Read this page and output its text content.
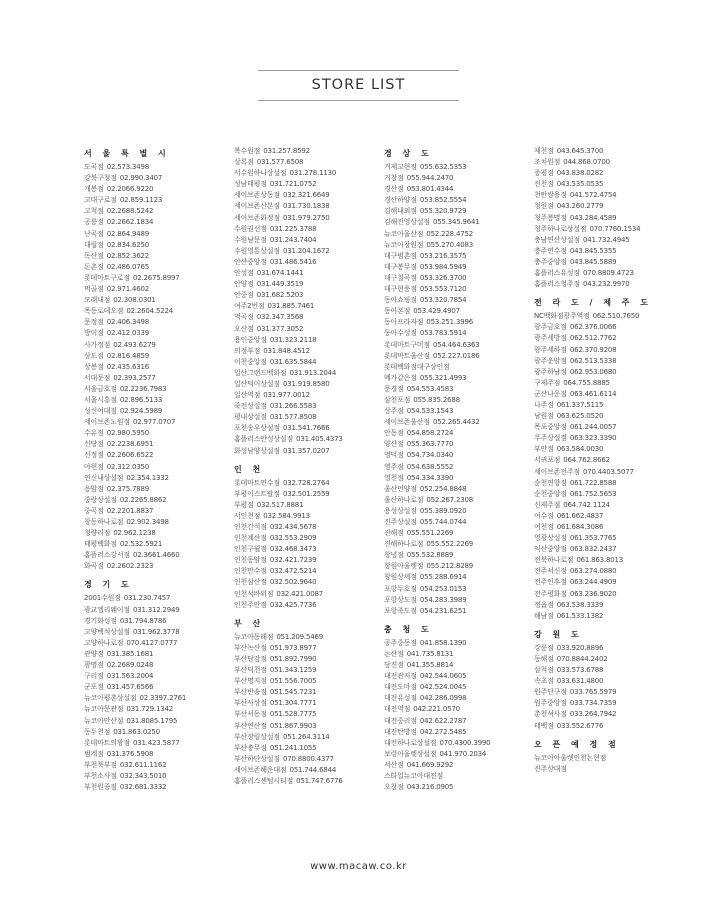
STORE LIST
서 울 특 별 시
도곡점 02.573.3498
강북구청점 02.990.3407
개봉점 02.2066.9220
고대구로점 02.859.1123
고척점 02.2688.5242
공릉점 02.2662.1834
난곡점 02.864.9489
대림점 02.834.6250
독산점 02.852.3622
돈촌점 02.486.0765
롯데마트구로점 02.2675.8997
먹골점 02.971.4602
모래내점 02.308.0301
목동로데오점 02.2604.5224
문정점 02.406.3498
방이점 02.412.0339
사가정점 02.493.6279
상도점 02.816.4859
상봉점 02.435.6316
서대문점 02.393.2577
서울금호점 02.2236.7983
서울시흥점 02.896.5133
성신여대점 02.924.5989
세이브존노원점 02.977.0707
수유점 02.980.5950
신당점 02.2238.6951
신정점 02.2606.6522
아현점 02.312.0350
연신내상설점 02.354.1332
응암점 02.375.7889
중랑상설점 02.2265.8862
중곡점 02.2201.8837
창동하나로점 02.902.3498
청량리점 02.962.1238
태평백화점 02.532.5921
홈플러스강서점 02.3661.4660
화곡점 02.2602.2323
경 기 도
2001수원점 031.230.7457
광교엘리웨이점 031.312.2949
경기화성점 031.794.8786
고양백석상설점 031.962.3778
고양하나로점 070.4127.0777
관양점 031.385.1681
광명점 02.2689.0248
구리점 031.563.2004
군포점 031.457.6566
뉴코아평촌상설점 02.3397.2761
뉴코아문관점 031.729.1342
뉴코아안산점 031.8085.1795
동두천점 031.863.0250
롯데마트의왕점 031.423.5877
범계점 031.376.5908
부천북부점 032.611.1162
부천소사점 032.343.5010
부천원종점 032.681.3332
복수원점 031.257.8592
상록점 031.577.6508
서수원하나상설점 031.278.1130
성남태평점 031.721.0752
세이브존상동점 032.321.6649
세이브존산본점 031.730.1838
세이브존화정점 031.979.2750
수원권선점 031.225.3788
수원남문점 031.243.7404
수원영통상설점 031.204.1672
안산중앙점 031.486.5416
안성점 031.674.1441
안양점 031.449.3519
안중점 031.682.5203
여주2번점 031.885.7461
역곡점 032.347.3568
오산점 031.377.3052
용인중앙점 031.323.2118
의정부점 031.848.4512
이천중앙점 031.635.5844
일산그랜드백화점 031.913.2044
일산덕이상설점 031.919.8580
일산역점 031.977.0012
죽전상설점 031.266.5583
평내상설점 031.577.8508
포천송우상설점 031.541.7666
홈플러스안성상설점 031.405.4373
화성남양상설점 031.357.0207
인 천
롯데마트연수점 032.728.2764
부평이스트팔점 032.501.2559
부평점 032.517.8881
서인천점 032.584.9913
인천간석점 032.434.5678
인천계산점 032.553.2909
인천구월점 032.468.3473
인천동암점 032.421.7239
인천만수점 032.472.5214
인천삼산점 032.502.9640
인천석바위점 032.421.0087
인천주안점 032.425.7736
부 산
뉴코아동래점 051.209.5469
부산녹산점 051.973.8977
부산당감점 051.892.7990
부산덕천점 051.343.1259
부산명지점 051.556.7005
부산반송점 051.545.7231
부산사상점 051.304.7771
부산서동점 051.528.7775
부산연산점 051.867.9903
부산장림상설점 051.264.3114
부산충무점 051.241.1055
부산하단상설점 070.8800.4377
세이브존해운대점 051.744.6844
홈플러스센텀시티점 051.747.6776
경 상 도
거제고현점 055.632.5353
거창점 055.944.2470
경산점 053.801.4344
경산하양점 053.852.5554
김해내외점 055.320.9729
김해진영상설점 055.345.9641
뉴코아울산점 052.228.4752
뉴코아창원점 055.270.4083
대구범촌점 053.216.3575
대구봉무점 053.984.5949
대구칠곡점 053.326.3700
대구현풍점 053.553.7120
동아쇼핑점 053.320.7854
동아본점 053.429.4907
동아프라자점 053.251.3996
동아수성점 053.783.5914
롯데마트구미점 054.464.6363
롯데마트울산점 052.227.0186
롯데백화점대구상인점
메가같은점 055.321.4993
문경점 054.553.4583
삼천포점 055.835.2688
상주점 054.533.1543
세이브존울산점 052.265.4432
안동점 054.858.2724
양산점 055.363.7770
영덕점 054.734.0340
영주점 054.638.5552
영천점 054.334.3390
울산언양점 052.254.8848
울산하나로점 052.267.2308
용성상설점 055.389.0920
진주상설점 055.744.0744
진해점 055.551.2269
진해하나로점 055.552.2269
창녕점 055.532.8889
창원아울렛점 055.212.8289
창원상세점 055.288.6914
포항두호점 054.253.0153
포항상도점 054.283.3989
포항죽도점 054.231.6251
충 청 도
공주중동점 041.858.1390
논산점 041.735.8131
당진점 041.355.8814
대전관저점 042.544.0605
대전도마점 042.524.0045
대전유성점 042.286.0998
대전역점 042.221.0570
대전중리점 042.622.2787
대전탄방점 042.272.5485
대전하나로상설점 070.4300.3990
보령아울렛상설점 041.970.2034
서산점 041.669.9292
스타일뉴코아대전점
오창점 043.216.0905
제천점 043.645.3700
조치원점 044.868.0700
증평점 043.838.0282
진천점 043.535.0535
천안쌍용점 041.572.4754
청원점 043.260.2779
청주봉명점 043.284.4589
청주하나로상설점 070.7760.1534
충남연산상설점 041.732.4945
충주연수점 043.845.5355
충주중앙점 043.845.5889
홈플러스유성점 070.8809.4723
홈플러스청주점 043.232.9970
전 라 도 / 제 주 도
NC백화점광주역점 062.510.7650
광주금호점 062.376.0066
광주세방점 062.512.7762
광주세하점 062.370.9208
광주운암점 062.513.5338
광주하남점 062.953.0680
구제주점 064.755.8885
군산나운점 063.461.6114
나주점 061.337.5115
남원점 063.625.0520
목포중앙점 061.244.0057
무주상설점 063.323.3390
부안점 063.584.0030
서귀포점 064.762.8662
세이브존전주점 070.4403.5077
순천연향점 061.722.8588
순천중앙점 061.752.5653
신제주점 064.742.1124
여수점 061.662.4837
여천점 061.684.3086
영광상설점 061.353.7765
익산중앙점 063.832.2437
전북하나로점 061.863.8013
전주서신점 063.274.0880
전주인후점 063.244.4909
전주평화점 063.236.9020
정읍점 063.538.3339
해남점 061.533.1382
강 원 도
강릉점 033.920.8896
동해점 070.8844.2402
삼척점 033.573.6788
속초점 033.631.4800
원주단구점 033.765.5979
원주중앙점 033.734.7359
춘천석사점 033.264.7942
태백점 033.552.6776
오 픈 예 정 점
뉴코아아울렛인천논현점
진주상대점
www.macaw.co.kr
